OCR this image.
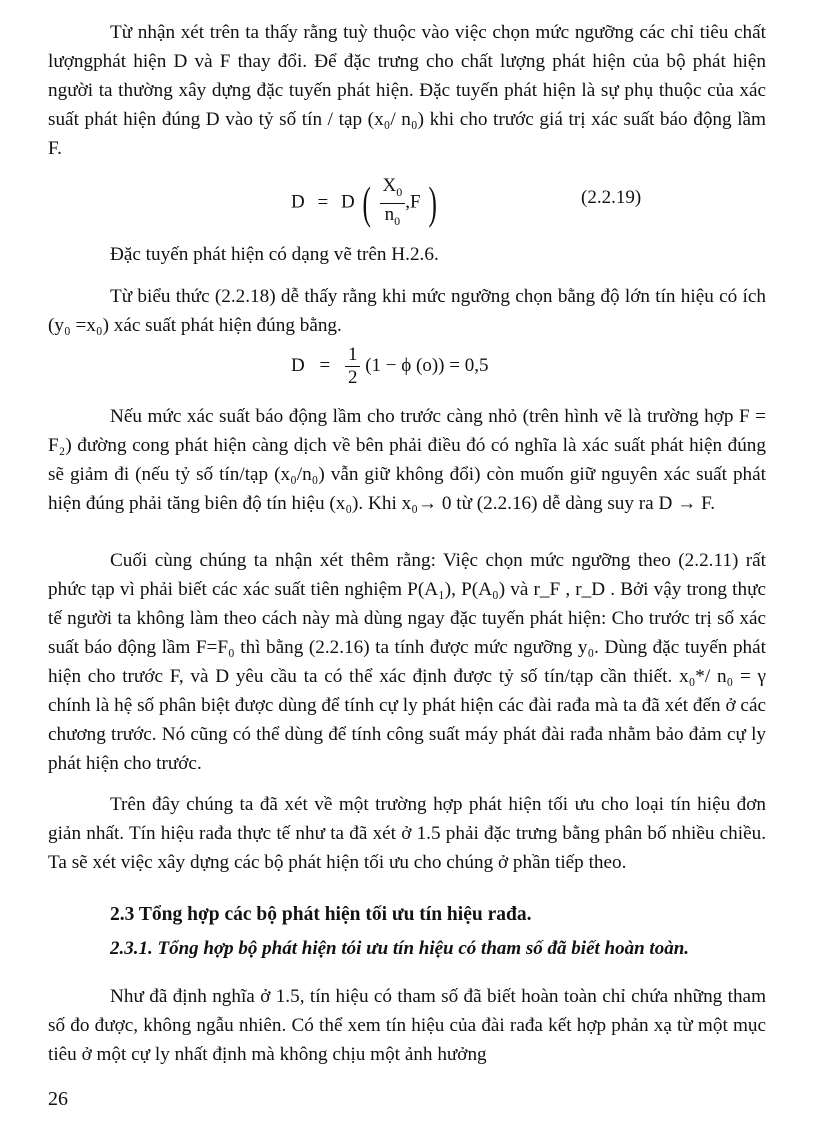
Từ nhận xét trên ta thấy rằng tuỳ thuộc vào việc chọn mức ngưỡng các chỉ tiêu chất lượngphát hiện D và F thay đổi. Để đặc trưng cho chất lượng phát hiện của bộ phát hiện người ta thường xây dựng đặc tuyến phát hiện. Đặc tuyến phát hiện là sự phụ thuộc của xác suất phát hiện đúng D vào tỷ số tín / tạp (x₀/ n₀) khi cho trước giá trị xác suất báo động lầm F.

D = D ( $\frac{X_0}{n_0} ,F$ )	(2.2.19)

Đặc tuyến phát hiện có dạng vẽ trên H.2.6.

Từ biểu thức (2.2.18) dễ thấy rằng khi mức ngưỡng chọn bằng độ lớn tín hiệu có ích (y₀ =x₀) xác suất phát hiện đúng bằng.

$D = \frac{1}{2} (1 - \phi$ (o)) = 0,5

Nếu mức xác suất báo động lầm cho trước càng nhỏ (trên hình vẽ là trường hợp F = F₂) đường cong phát hiện càng dịch về bên phải điều đó có nghĩa là xác suất phát hiện đúng sẽ giảm đi (nếu tỷ số tín/tạp (x₀/n₀) vẫn giữ không đổi) còn muốn giữ nguyên xác suất phát hiện đúng phải tăng biên độ tín hiệu (x₀). Khi x₀→ 0 từ (2.2.16) dễ dàng suy ra D → F.

Cuối cùng chúng ta nhận xét thêm rằng: Việc chọn mức ngưỡng theo (2.2.11) rất phức tạp vì phải biết các xác suất tiên nghiệm P(A₁), P(A₀) và r_F , r_D . Bởi vậy trong thực tế người ta không làm theo cách này mà dùng ngay đặc tuyến phát hiện: Cho trước trị số xác suất báo động lầm F=F₀ thì bằng (2.2.16) ta tính được mức ngưỡng y₀. Dùng đặc tuyến phát hiện cho trước F, và D yêu cầu ta có thể xác định được tỷ số tín/tạp cần thiết. x₀*/ n₀ = γ chính là hệ số phân biệt được dùng để tính cự ly phát hiện các đài rađa mà ta đã xét đến ở các chương trước. Nó cũng có thể dùng để tính công suất máy phát đài rađa nhằm bảo đảm cự ly phát hiện cho trước.

Trên đây chúng ta đã xét về một trường hợp phát hiện tối ưu cho loại tín hiệu đơn giản nhất. Tín hiệu rađa thực tế như ta đã xét ở 1.5 phải đặc trưng bằng phân bố nhiều chiều. Ta sẽ xét việc xây dựng các bộ phát hiện tối ưu cho chúng ở phần tiếp theo.

2.3 Tổng hợp các bộ phát hiện tối ưu tín hiệu rađa.
2.3.1. Tổng hợp bộ phát hiện tói ưu tín hiệu có tham số đã biết hoàn toàn.

Như đã định nghĩa ở 1.5, tín hiệu có tham số đã biết hoàn toàn chỉ chứa những tham số đo được, không ngẫu nhiên. Có thể xem tín hiệu của đài rađa kết hợp phản xạ từ một mục tiêu ở một cự ly nhất định mà không chịu một ảnh hưởng

26
